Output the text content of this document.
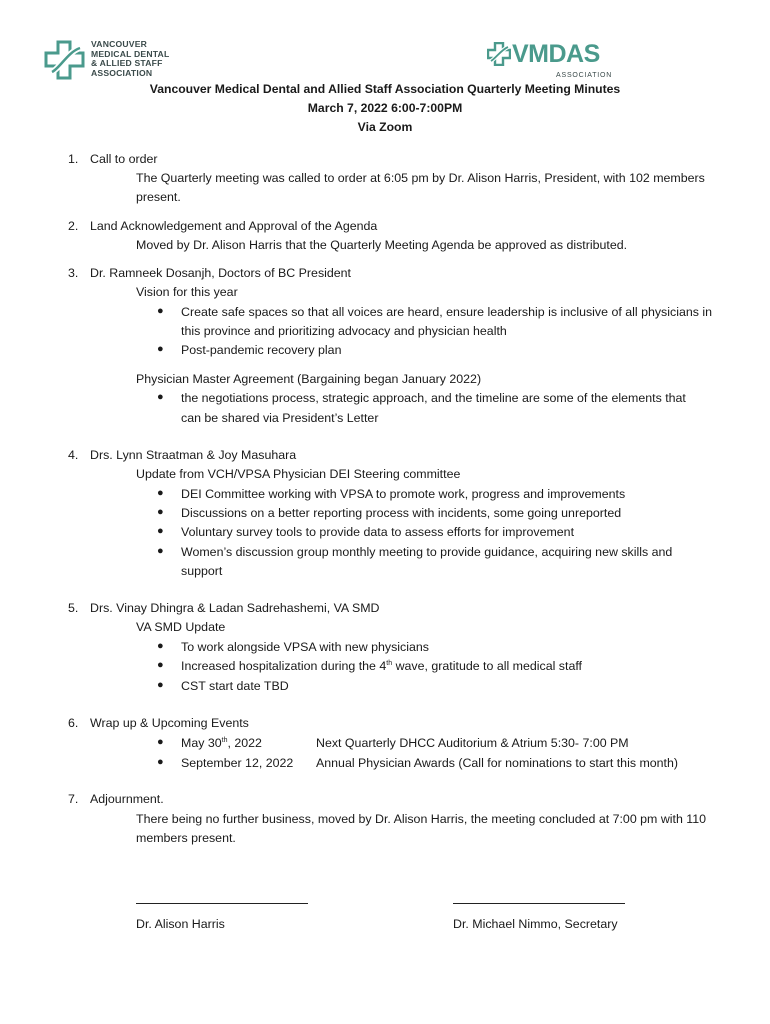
VANCOUVER
MEDICAL DENTAL
& ALLIED STAFF
ASSOCIATION
VMDAS
ASSOCIATION
Vancouver Medical Dental and Allied Staff Association Quarterly Meeting Minutes
March 7, 2022 6:00-7:00PM
Via Zoom
1. Call to order
The Quarterly meeting was called to order at 6:05 pm by Dr. Alison Harris, President, with 102 members
present.
2. Land Acknowledgement and Approval of the Agenda
Moved by Dr. Alison Harris that the Quarterly Meeting Agenda be approved as distributed.
3. Dr. Ramneek Dosanjh, Doctors of BC President
Vision for this year
● Create safe spaces so that all voices are heard, ensure leadership is inclusive of all physicians in
this province and prioritizing advocacy and physician health
● Post-pandemic recovery plan
Physician Master Agreement (Bargaining began January 2022)
● the negotiations process, strategic approach, and the timeline are some of the elements that
can be shared via President’s Letter
4. Drs. Lynn Straatman & Joy Masuhara
Update from VCH/VPSA Physician DEI Steering committee
● DEI Committee working with VPSA to promote work, progress and improvements
● Discussions on a better reporting process with incidents, some going unreported
● Voluntary survey tools to provide data to assess efforts for improvement
● Women’s discussion group monthly meeting to provide guidance, acquiring new skills and
support
5. Drs. Vinay Dhingra & Ladan Sadrehashemi, VA SMD
VA SMD Update
● To work alongside VPSA with new physicians
● Increased hospitalization during the 4th wave, gratitude to all medical staff
● CST start date TBD
6. Wrap up & Upcoming Events
● May 30th, 2022	Next Quarterly DHCC Auditorium & Atrium 5:30- 7:00 PM
● September 12, 2022 Annual Physician Awards (Call for nominations to start this month)
7. Adjournment.
There being no further business, moved by Dr. Alison Harris, the meeting concluded at 7:00 pm with 110
members present.
Dr. Alison Harris	Dr. Michael Nimmo, Secretary
